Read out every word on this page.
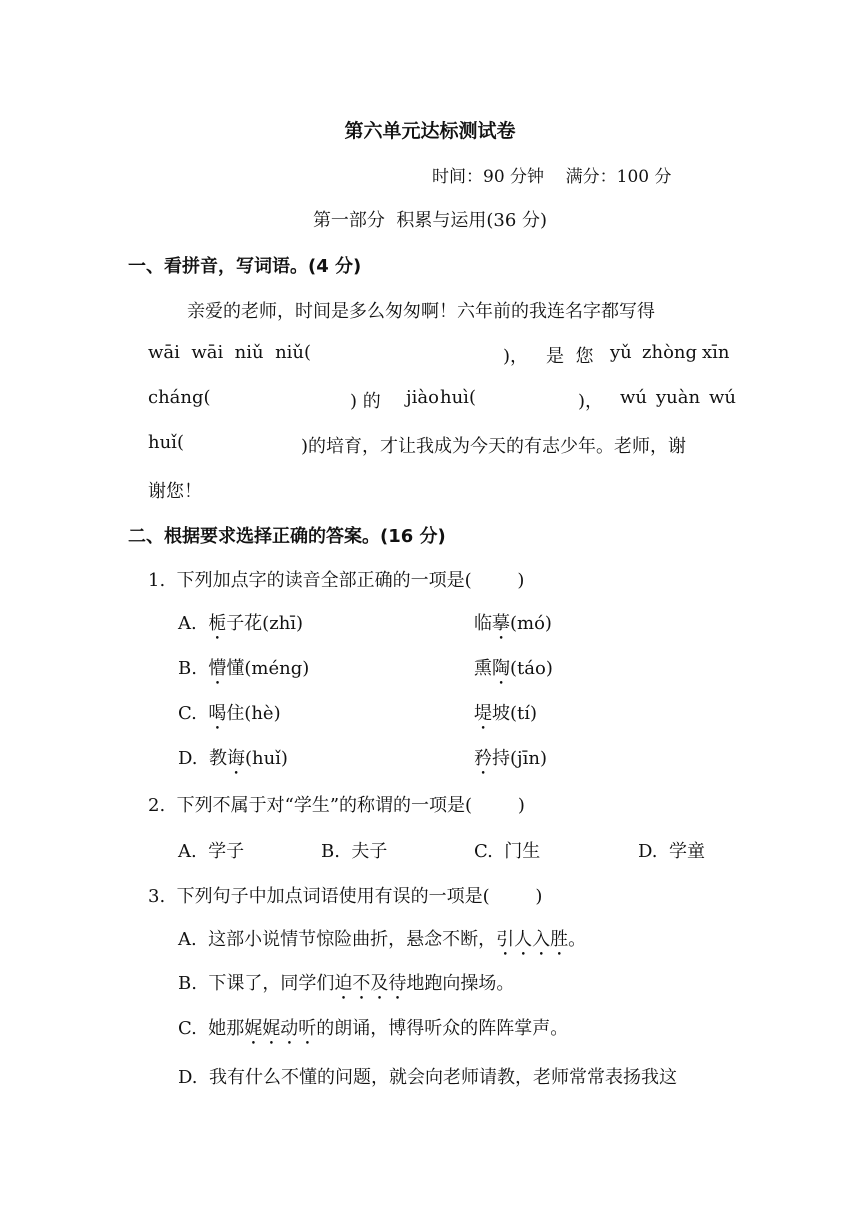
第六单元达标测试卷
时间：90 分钟    满分：100 分
第一部分  积累与运用(36 分)
一、看拼音，写词语。(4 分)
亲爱的老师，时间是多么匆匆啊！六年前的我连名字都写得
wāi  wāi  niǔ  niǔ(	)， 是  您 yǔ zhòng xīn
cháng(	) 的 jiào huì(	)， wú yuàn wú
huǐ(	)的培育，才让我成为今天的有志少年。老师，谢
谢您！
二、根据要求选择正确的答案。(16 分)
1.  下列加点字的读音全部正确的一项是(        )
A. 栀子花(zhī)	临摹(mó)
B. 懵懂(méng)	熏陶(táo)
C. 喝住(hè)	堤坡(tí)
D. 教诲(huǐ)	矜持(jīn)
2.  下列不属于对“学生”的称谓的一项是(        )
A.  学子	B.  夫子	C.  门生	D.  学童
3.  下列句子中加点词语使用有误的一项是(        )
A.  这部小说情节惊险曲折，悬念不断，引人入胜。
B.  下课了，同学们迫不及待地跑向操场。
C.  她那娓娓动听的朗诵，博得听众的阵阵掌声。
D.  我有什么不懂的问题，就会向老师请教，老师常常表扬我这
